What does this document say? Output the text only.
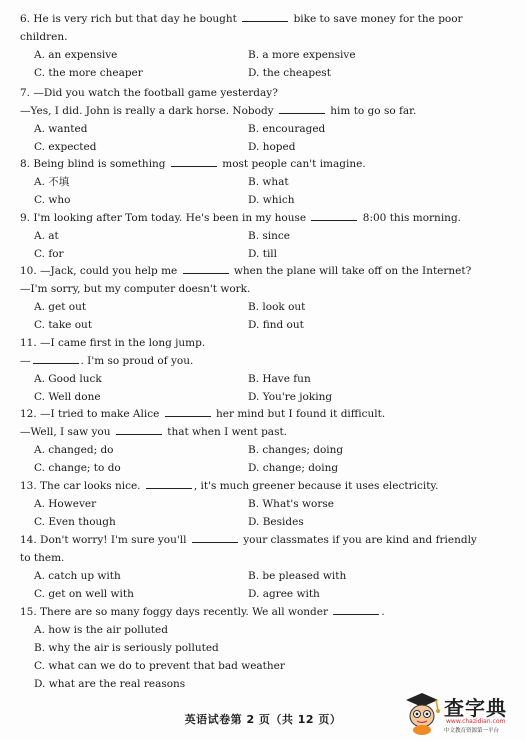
6. He is very rich but that day he bought	bike to save money for the poor
children.
A. an expensive	B. a more expensive
C. the more cheaper	D. the cheapest
7. —Did you watch the football game yesterday?
—Yes, I did. John is really a dark horse. Nobody	him to go so far.
A. wanted	B. encouraged
C. expected	D. hoped
8. Being blind is something	most people can't imagine.
A. 不填	B. what
C. who	D. which
9. I'm looking after Tom today. He's been in my house	8:00 this morning.
A. at	B. since
C. for	D. till
10. —Jack, could you help me	when the plane will take off on the Internet?
—I'm sorry, but my computer doesn't work.
A. get out	B. look out
C. take out	D. find out
11. —I came first in the long jump.
—	. I'm so proud of you.
A. Good luck	B. Have fun
C. Well done	D. You're joking
12. —I tried to make Alice	her mind but I found it difficult.
—Well, I saw you	that when I went past.
A. changed; do	B. changes; doing
C. change; to do	D. change; doing
13. The car looks nice.	, it's much greener because it uses electricity.
A. However	B. What's worse
C. Even though	D. Besides
14. Don't worry! I'm sure you'll	your classmates if you are kind and friendly
to them.
A. catch up with	B. be pleased with
C. get on well with	D. agree with
15. There are so many foggy days recently. We all wonder	.
A. how is the air polluted
B. why the air is seriously polluted
C. what can we do to prevent that bad weather
D. what are the real reasons
英语试卷第 2 页（共 12 页）	查字典
www.chazidian.com
中文教育资源第一平台
